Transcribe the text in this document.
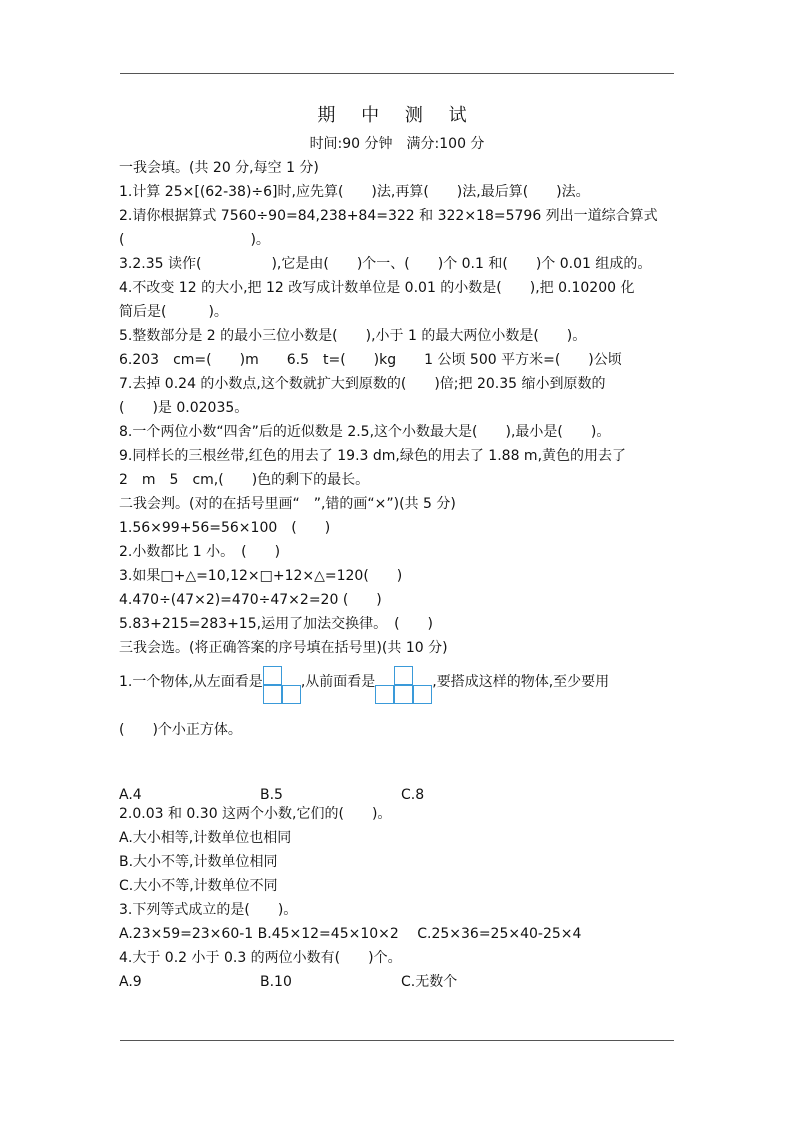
期 中 测 试
时间:90 分钟　满分:100 分
一我会填。(共 20 分,每空 1 分)
1.计算 25×[(62-38)÷6]时,应先算(　　)法,再算(　　)法,最后算(　　)法。
2.请你根据算式 7560÷90=84,238+84=322 和 322×18=5796 列出一道综合算式
(　　　　　　　　　)。
3.2.35 读作(　　　　　),它是由(　　)个一、(　　)个 0.1 和(　　)个 0.01 组成的。
4.不改变 12 的大小,把 12 改写成计数单位是 0.01 的小数是(　　),把 0.10200 化
简后是(　　　)。
5.整数部分是 2 的最小三位小数是(　　),小于 1 的最大两位小数是(　　)。
6.203　cm=(　　)m　　6.5　t=(　　)kg　　1 公顷 500 平方米=(　　)公顷
7.去掉 0.24 的小数点,这个数就扩大到原数的(　　)倍;把 20.35 缩小到原数的
(　　)是 0.02035。
8.一个两位小数“四舍”后的近似数是 2.5,这个小数最大是(　　),最小是(　　)。
9.同样长的三根丝带,红色的用去了 19.3 dm,绿色的用去了 1.88 m,黄色的用去了
2　m　5　cm,(　　)色的剩下的最长。
二我会判。(对的在括号里画“　”,错的画“×”)(共 5 分)
1.56×99+56=56×100　(　　)
2.小数都比 1 小。　(　　)
3.如果□+△=10,12×□+12×△=120(　　)
4.470÷(47×2)=470÷47×2=20 (　　)
5.83+215=283+15,运用了加法交换律。　(　　)
三我会选。(将正确答案的序号填在括号里)(共 10 分)
1.一个物体,从左面看是	,从前面看是	,要搭成这样的物体,至少要用
(　　)个小正方体。
A.4	B.5	C.8
2.0.03 和 0.30 这两个小数,它们的(　　)。
A.大小相等,计数单位也相同
B.大小不等,计数单位相同
C.大小不等,计数单位不同
3.下列等式成立的是(　　)。
A.23×59=23×60-1 B.45×12=45×10×2　 C.25×36=25×40-25×4
4.大于 0.2 小于 0.3 的两位小数有(　　)个。
A.9	B.10	C.无数个
